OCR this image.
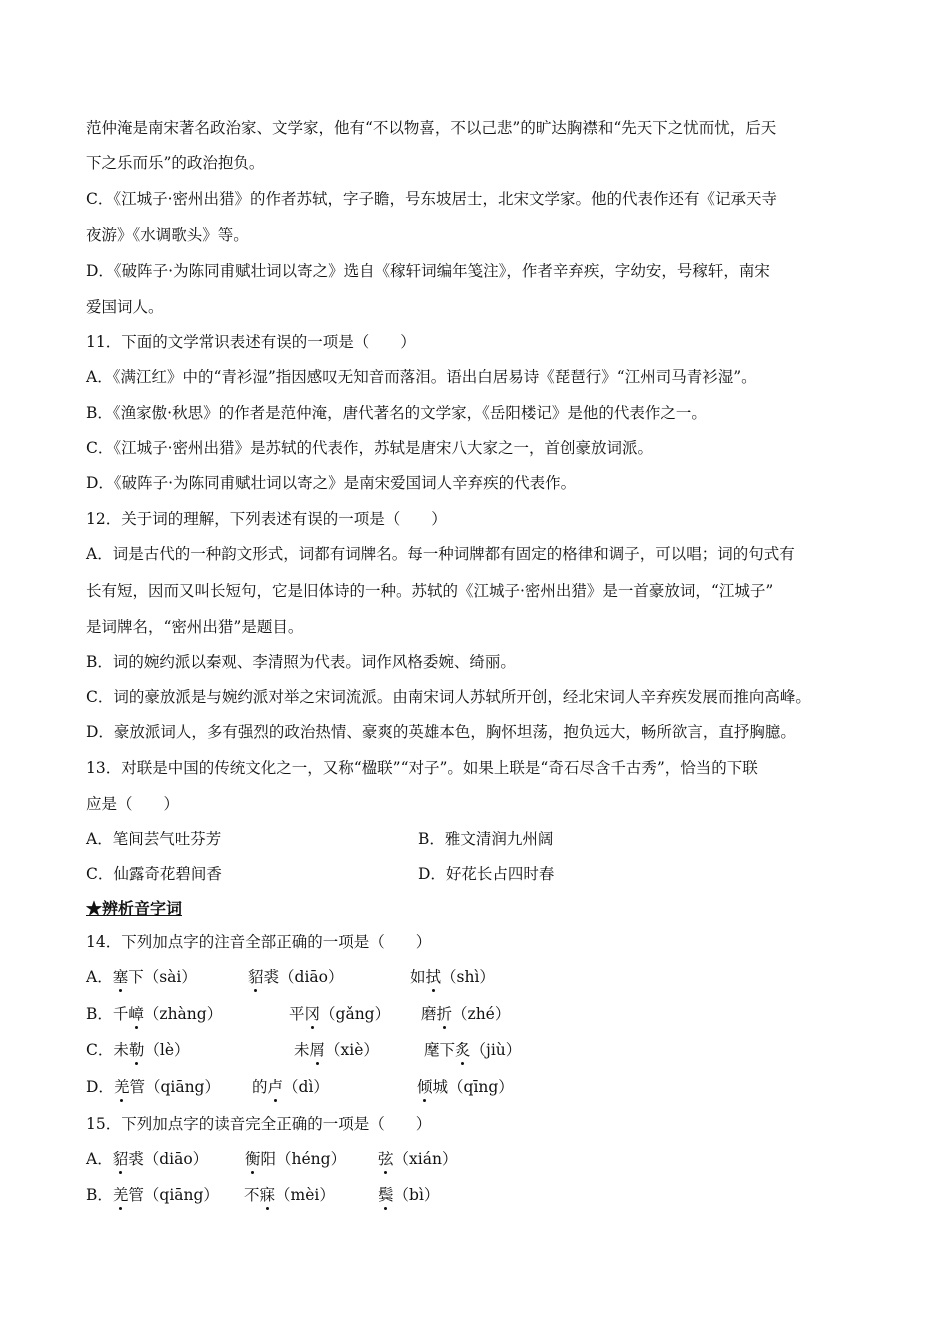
范仲淹是南宋著名政治家、文学家，他有“不以物喜，不以己悲”的旷达胸襟和“先天下之忧而忧，后天
下之乐而乐”的政治抱负。
C．《江城子·密州出猎》的作者苏轼，字子瞻，号东坡居士，北宋文学家。他的代表作还有《记承天寺
夜游》《水调歌头》等。
D．《破阵子·为陈同甫赋壮词以寄之》选自《稼轩词编年笺注》，作者辛弃疾，字幼安，号稼轩，南宋
爱国词人。
11．下面的文学常识表述有误的一项是（　　）
A．《满江红》中的“青衫湿”指因感叹无知音而落泪。语出白居易诗《琵琶行》“江州司马青衫湿”。
B．《渔家傲·秋思》的作者是范仲淹，唐代著名的文学家，《岳阳楼记》是他的代表作之一。
C．《江城子·密州出猎》是苏轼的代表作，苏轼是唐宋八大家之一，首创豪放词派。
D．《破阵子·为陈同甫赋壮词以寄之》是南宋爱国词人辛弃疾的代表作。
12．关于词的理解，下列表述有误的一项是（　　）
A．词是古代的一种韵文形式，词都有词牌名。每一种词牌都有固定的格律和调子，可以唱；词的句式有
长有短，因而又叫长短句，它是旧体诗的一种。苏轼的《江城子·密州出猎》是一首豪放词，“江城子”
是词牌名，“密州出猎”是题目。
B．词的婉约派以秦观、李清照为代表。词作风格委婉、绮丽。
C．词的豪放派是与婉约派对举之宋词流派。由南宋词人苏轼所开创，经北宋词人辛弃疾发展而推向高峰。
D．豪放派词人，多有强烈的政治热情、豪爽的英雄本色，胸怀坦荡，抱负远大，畅所欲言，直抒胸臆。
13．对联是中国的传统文化之一，又称“楹联”“对子”。如果上联是“奇石尽含千古秀”，恰当的下联
应是（　　）
A．笔间芸气吐芬芳	B．雅文清润九州阔
C．仙露奇花碧间香	D．好花长占四时春
★辨析音字词
14．下列加点字的注音全部正确的一项是（　　）
A．塞下（sài）	貂裘（diāo）	如拭（shì）
B．千嶂（zhàng）	平冈（gǎng） 磨折（zhé）
C．未勒（lè）	未屑（xiè）	麾下炙（jiù）
D．羌管（qiāng） 的卢（dì）	倾城（qīng）
15．下列加点字的读音完全正确的一项是（　　）
A．貂裘（diāo） 衡阳（héng） 弦（xián）
B．羌管（qiāng） 不寐（mèi）	鬓（bì）
